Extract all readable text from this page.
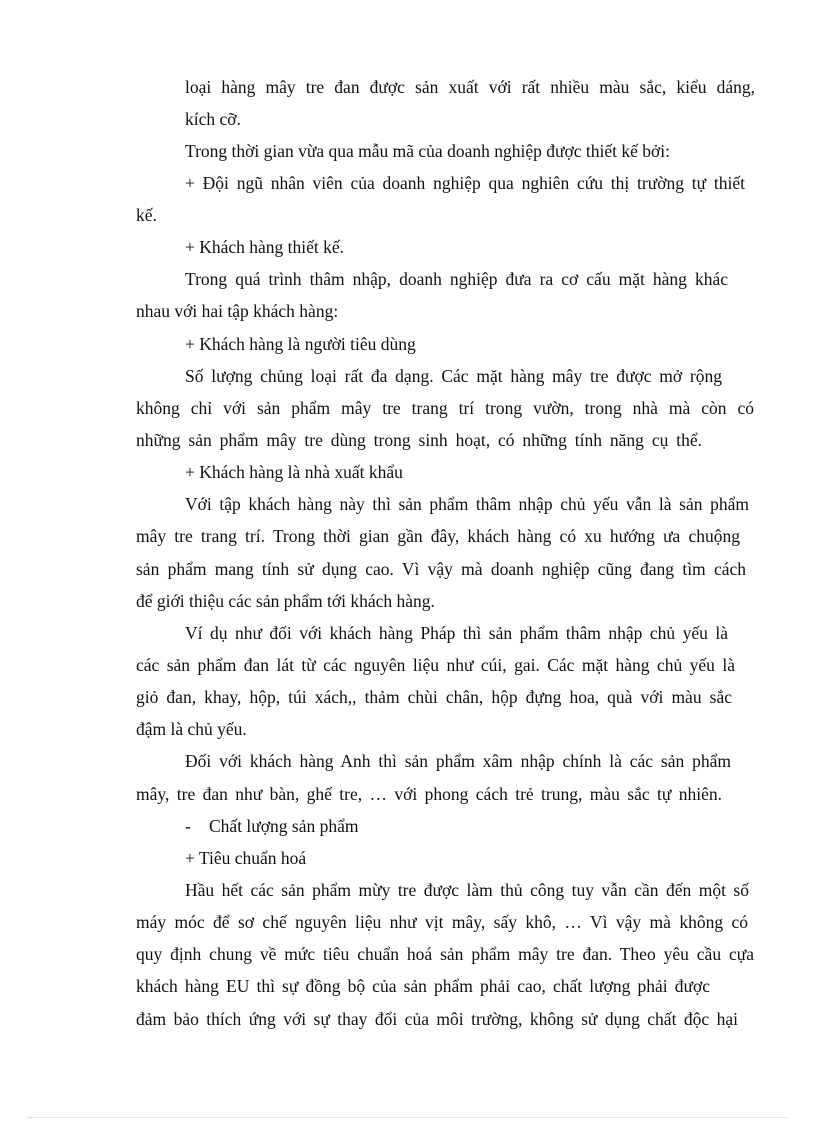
loại hàng mây tre đan được sản xuất với rất nhiều màu sắc, kiểu dáng,
kích cỡ.
Trong thời gian vừa qua mẫu mã của doanh nghiệp được thiết kế bởi:
+ Đội ngũ nhân viên của doanh nghiệp qua nghiên cứu thị trường tự thiết
kế.
+ Khách hàng thiết kế.
Trong quá trình thâm nhập, doanh nghiệp đưa ra cơ cấu mặt hàng khác
nhau với hai tập khách hàng:
+ Khách hàng là người tiêu dùng
Số lượng chủng loại rất đa dạng. Các mặt hàng mây tre được mở rộng
không chỉ với sản phẩm mây tre trang trí trong vườn, trong nhà mà còn có
những sản phẩm mây tre dùng trong sinh hoạt, có những tính năng cụ thể.
+ Khách hàng là nhà xuất khẩu
Với tập khách hàng này thì sản phẩm thâm nhập chủ yếu vẫn là sản phẩm
mây tre trang trí. Trong thời gian gần đây, khách hàng có xu hướng ưa chuộng
sản phẩm mang tính sử dụng cao. Vì vậy mà doanh nghiệp cũng đang tìm cách
để giới thiệu các sản phẩm tới khách hàng.
Ví dụ như đối với khách hàng Pháp thì sản phẩm thâm nhập chủ yếu là
các sản phẩm đan lát từ các nguyên liệu như cúi, gai. Các mặt hàng chủ yếu là
giỏ đan, khay, hộp, túi xách,, thảm chùi chân, hộp đựng hoa, quà với màu sắc
đậm là chủ yếu.
Đối với khách hàng Anh thì sản phẩm xâm nhập chính là các sản phẩm
mây, tre đan như bàn, ghế tre, … với phong cách trẻ trung, màu sắc tự nhiên.
- Chất lượng sản phẩm
+ Tiêu chuẩn hoá
Hầu hết các sản phẩm mừy tre được làm thủ công tuy vẫn cần đến một số
máy móc để sơ chế nguyên liệu như vịt mây, sấy khô, … Vì vậy mà không có
quy định chung về mức tiêu chuẩn hoá sản phẩm mây tre đan. Theo yêu cầu cựa
khách hàng EU thì sự đồng bộ của sản phẩm phải cao, chất lượng phải được
đảm bảo thích ứng với sự thay đổi của môi trường, không sử dụng chất độc hại
